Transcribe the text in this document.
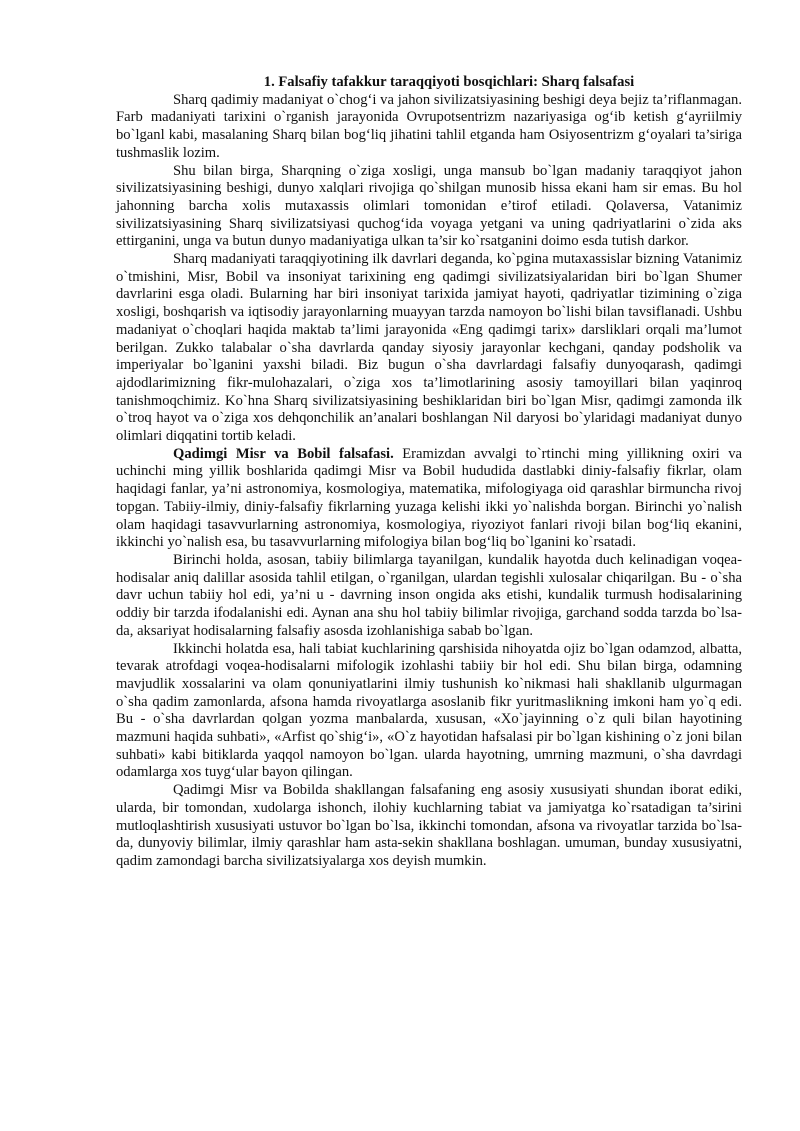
1. Falsafiy tafakkur taraqqiyoti bosqichlari: Sharq falsafasi

Sharq qadimiy madaniyat o`chog‘i va jahon sivilizatsiyasining beshigi deya bejiz ta’riflanmagan. Farb madaniyati tarixini o`rganish jarayonida Ovrupotsentrizm nazariyasiga og‘ib ketish g‘ayriilmiy bo`lganl kabi, masalaning Sharq bilan bog‘liq jihatini tahlil etganda ham Osiyosentrizm g‘oyalari ta’siriga tushmaslik lozim.

Shu bilan birga, Sharqning o`ziga xosligi, unga mansub bo`lgan madaniy taraqqiyot jahon sivilizatsiyasining beshigi, dunyo xalqlari rivojiga qo`shilgan munosib hissa ekani ham sir emas. Bu hol jahonning barcha xolis mutaxassis olimlari tomonidan e’tirof etiladi. Qolaversa, Vatanimiz sivilizatsiyasining Sharq sivilizatsiyasi quchog‘ida voyaga yetgani va uning qadriyatlarini o`zida aks ettirganini, unga va butun dunyo madaniyatiga ulkan ta’sir ko`rsatganini doimo esda tutish darkor.

Sharq madaniyati taraqqiyotining ilk davrlari deganda, ko`pgina mutaxassislar bizning Vatanimiz o`tmishini, Misr, Bobil va insoniyat tarixining eng qadimgi sivilizatsiyalaridan biri bo`lgan Shumer davrlarini esga oladi. Bularning har biri insoniyat tarixida jamiyat hayoti, qadriyatlar tizimining o`ziga xosligi, boshqarish va iqtisodiy jarayonlarning muayyan tarzda namoyon bo`lishi bilan tavsiflanadi. Ushbu madaniyat o`choqlari haqida maktab ta’limi jarayonida «Eng qadimgi tarix» darsliklari orqali ma’lumot berilgan. Zukko talabalar o`sha davrlarda qanday siyosiy jarayonlar kechgani, qanday podsholik va imperiyalar bo`lganini yaxshi biladi. Biz bugun o`sha davrlardagi falsafiy dunyoqarash, qadimgi ajdodlarimizning fikr-mulohazalari, o`ziga xos ta’limotlarining asosiy tamoyillari bilan yaqinroq tanishmoqchimiz. Ko`hna Sharq sivilizatsiyasining beshiklaridan biri bo`lgan Misr, qadimgi zamonda ilk o`troq hayot va o`ziga xos dehqonchilik an’analari boshlangan Nil daryosi bo`ylaridagi madaniyat dunyo olimlari diqqatini tortib keladi.

Qadimgi Misr va Bobil falsafasi. Eramizdan avvalgi to`rtinchi ming yillikning oxiri va uchinchi ming yillik boshlarida qadimgi Misr va Bobil hududida dastlabki diniy-falsafiy fikrlar, olam haqidagi fanlar, ya’ni astronomiya, kosmologiya, matematika, mifologiyaga oid qarashlar birmuncha rivoj topgan. Tabiiy-ilmiy, diniy-falsafiy fikrlarning yuzaga kelishi ikki yo`nalishda borgan. Birinchi yo`nalish olam haqidagi tasavvurlarning astronomiya, kosmologiya, riyoziyot fanlari rivoji bilan bog‘liq ekanini, ikkinchi yo`nalish esa, bu tasavvurlarning mifologiya bilan bog‘liq bo`lganini ko`rsatadi.

Birinchi holda, asosan, tabiiy bilimlarga tayanilgan, kundalik hayotda duch kelinadigan voqea-hodisalar aniq dalillar asosida tahlil etilgan, o`rganilgan, ulardan tegishli xulosalar chiqarilgan. Bu - o`sha davr uchun tabiiy hol edi, ya’ni u - davrning inson ongida aks etishi, kundalik turmush hodisalarining oddiy bir tarzda ifodalanishi edi. Aynan ana shu hol tabiiy bilimlar rivojiga, garchand sodda tarzda bo`lsa-da, aksariyat hodisalarning falsafiy asosda izohlanishiga sabab bo`lgan.

Ikkinchi holatda esa, hali tabiat kuchlarining qarshisida nihoyatda ojiz bo`lgan odamzod, albatta, tevarak atrofdagi voqea-hodisalarni mifologik izohlashi tabiiy bir hol edi. Shu bilan birga, odamning mavjudlik xossalarini va olam qonuniyatlarini ilmiy tushunish ko`nikmasi hali shakllanib ulgurmagan o`sha qadim zamonlarda, afsona hamda rivoyatlarga asoslanib fikr yuritmaslikning imkoni ham yo`q edi. Bu - o`sha davrlardan qolgan yozma manbalarda, xususan, «Xo`jayinning o`z quli bilan hayotining mazmuni haqida suhbati», «Arfist qo`shig‘i», «O`z hayotidan hafsalasi pir bo`lgan kishining o`z joni bilan suhbati» kabi bitiklarda yaqqol namoyon bo`lgan. ularda hayotning, umrning mazmuni, o`sha davrdagi odamlarga xos tuyg‘ular bayon qilingan.

Qadimgi Misr va Bobilda shakllangan falsafaning eng asosiy xususiyati shundan iborat ediki, ularda, bir tomondan, xudolarga ishonch, ilohiy kuchlarning tabiat va jamiyatga ko`rsatadigan ta’sirini mutloqlashtirish xususiyati ustuvor bo`lgan bo`lsa, ikkinchi tomondan, afsona va rivoyatlar tarzida bo`lsa-da, dunyoviy bilimlar, ilmiy qarashlar ham asta-sekin shakllana boshlagan. umuman, bunday xususiyatni, qadim zamondagi barcha sivilizatsiyalarga xos deyish mumkin.
